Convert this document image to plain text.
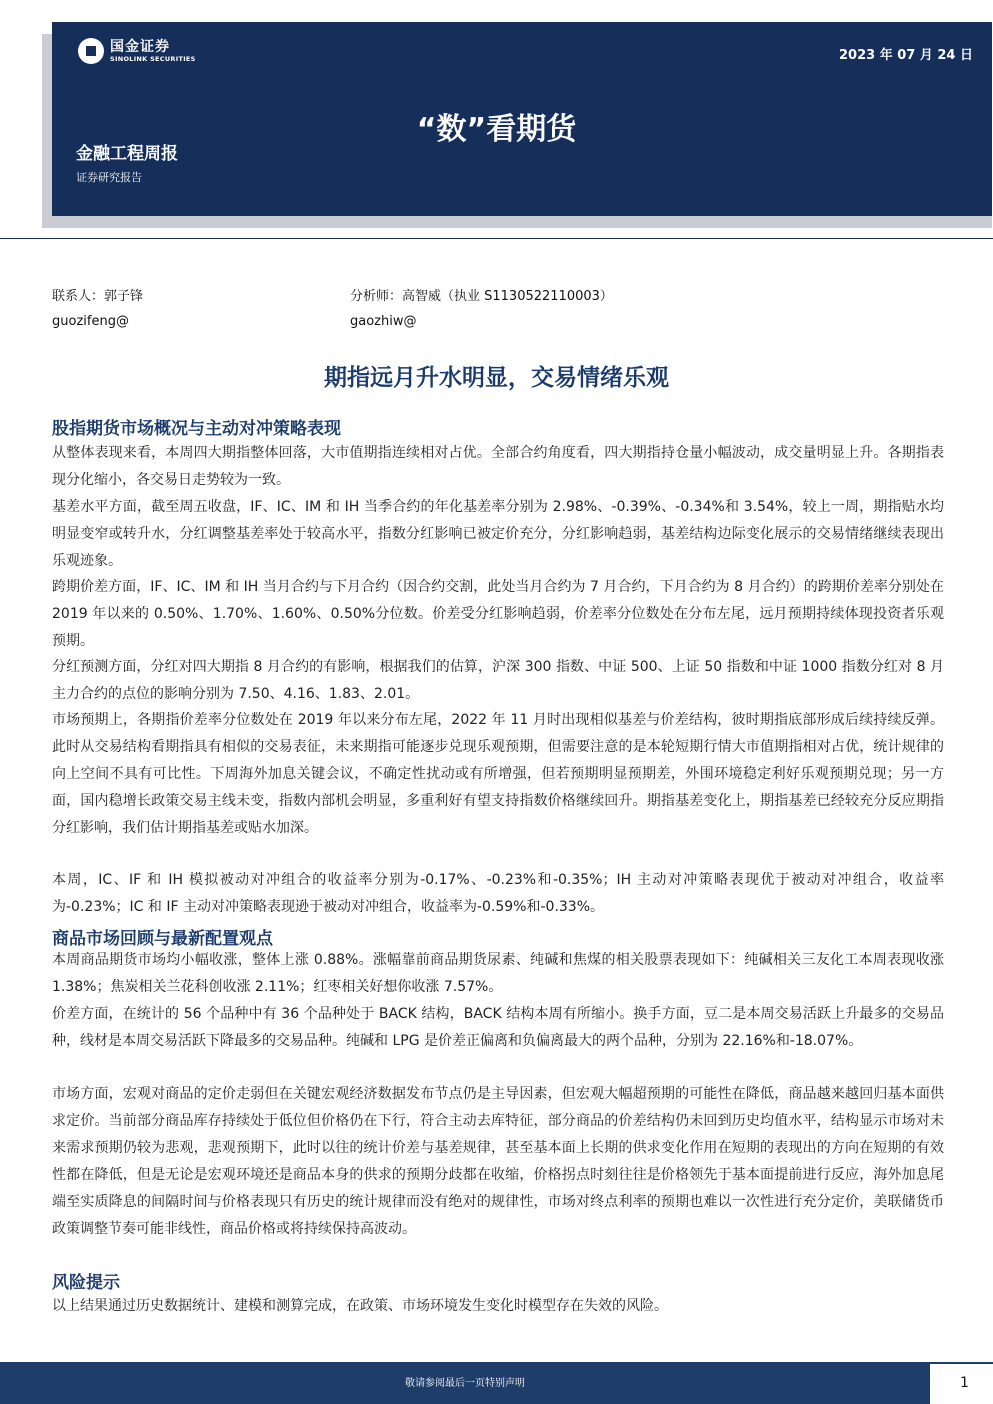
国金证券
SINOLINK SECURITIES	2023 年 07 月 24 日
“数”看期货
金融工程周报
证券研究报告
联系人：郭子锋
guozifeng@
分析师：高智威（执业 S1130522110003）
gaozhiw@
期指远月升水明显，交易情绪乐观
股指期货市场概况与主动对冲策略表现

从整体表现来看，本周四大期指整体回落，大市值期指连续相对占优。全部合约角度看，四大期指持仓量小幅波动，成交量明显上升。各期指表现分化缩小，各交易日走势较为一致。

基差水平方面，截至周五收盘，IF、IC、IM 和 IH 当季合约的年化基差率分别为 2.98%、-0.39%、-0.34%和 3.54%，较上一周，期指贴水均明显变窄或转升水，分红调整基差率处于较高水平，指数分红影响已被定价充分，分红影响趋弱，基差结构边际变化展示的交易情绪继续表现出乐观迹象。

跨期价差方面，IF、IC、IM 和 IH 当月合约与下月合约（因合约交割，此处当月合约为 7 月合约，下月合约为 8 月合约）的跨期价差率分别处在 2019 年以来的 0.50%、1.70%、1.60%、0.50%分位数。价差受分红影响趋弱，价差率分位数处在分布左尾，远月预期持续体现投资者乐观预期。

分红预测方面，分红对四大期指 8 月合约的有影响，根据我们的估算，沪深 300 指数、中证 500、上证 50 指数和中证 1000 指数分红对 8 月主力合约的点位的影响分别为 7.50、4.16、1.83、2.01。

市场预期上，各期指价差率分位数处在 2019 年以来分布左尾，2022 年 11 月时出现相似基差与价差结构，彼时期指底部形成后续持续反弹。此时从交易结构看期指具有相似的交易表征，未来期指可能逐步兑现乐观预期，但需要注意的是本轮短期行情大市值期指相对占优，统计规律的向上空间不具有可比性。下周海外加息关键会议，不确定性扰动或有所增强，但若预期明显预期差，外围环境稳定利好乐观预期兑现；另一方面，国内稳增长政策交易主线未变，指数内部机会明显，多重利好有望支持指数价格继续回升。期指基差变化上，期指基差已经较充分反应期指分红影响，我们估计期指基差或贴水加深。

本周，IC、IF 和 IH 模拟被动对冲组合的收益率分别为-0.17%、-0.23%和-0.35%；IH 主动对冲策略表现优于被动对冲组合，收益率为-0.23%；IC 和 IF 主动对冲策略表现逊于被动对冲组合，收益率为-0.59%和-0.33%。

商品市场回顾与最新配置观点

本周商品期货市场均小幅收涨，整体上涨 0.88%。涨幅靠前商品期货尿素、纯碱和焦煤的相关股票表现如下：纯碱相关三友化工本周表现收涨 1.38%；焦炭相关兰花科创收涨 2.11%；红枣相关好想你收涨 7.57%。

价差方面，在统计的 56 个品种中有 36 个品种处于 BACK 结构，BACK 结构本周有所缩小。换手方面，豆二是本周交易活跃上升最多的交易品种，线材是本周交易活跃下降最多的交易品种。纯碱和 LPG 是价差正偏离和负偏离最大的两个品种，分别为 22.16%和-18.07%。

市场方面，宏观对商品的定价走弱但在关键宏观经济数据发布节点仍是主导因素，但宏观大幅超预期的可能性在降低，商品越来越回归基本面供求定价。当前部分商品库存持续处于低位但价格仍在下行，符合主动去库特征，部分商品的价差结构仍未回到历史均值水平，结构显示市场对未来需求预期仍较为悲观，悲观预期下，此时以往的统计价差与基差规律，甚至基本面上长期的供求变化作用在短期的表现出的方向在短期的有效性都在降低，但是无论是宏观环境还是商品本身的供求的预期分歧都在收缩，价格拐点时刻往往是价格领先于基本面提前进行反应，海外加息尾端至实质降息的间隔时间与价格表现只有历史的统计规律而没有绝对的规律性，市场对终点利率的预期也难以一次性进行充分定价，美联储货币政策调整节奏可能非线性，商品价格或将持续保持高波动。

风险提示

以上结果通过历史数据统计、建模和测算完成，在政策、市场环境发生变化时模型存在失效的风险。

敬请参阅最后一页特别声明	1
